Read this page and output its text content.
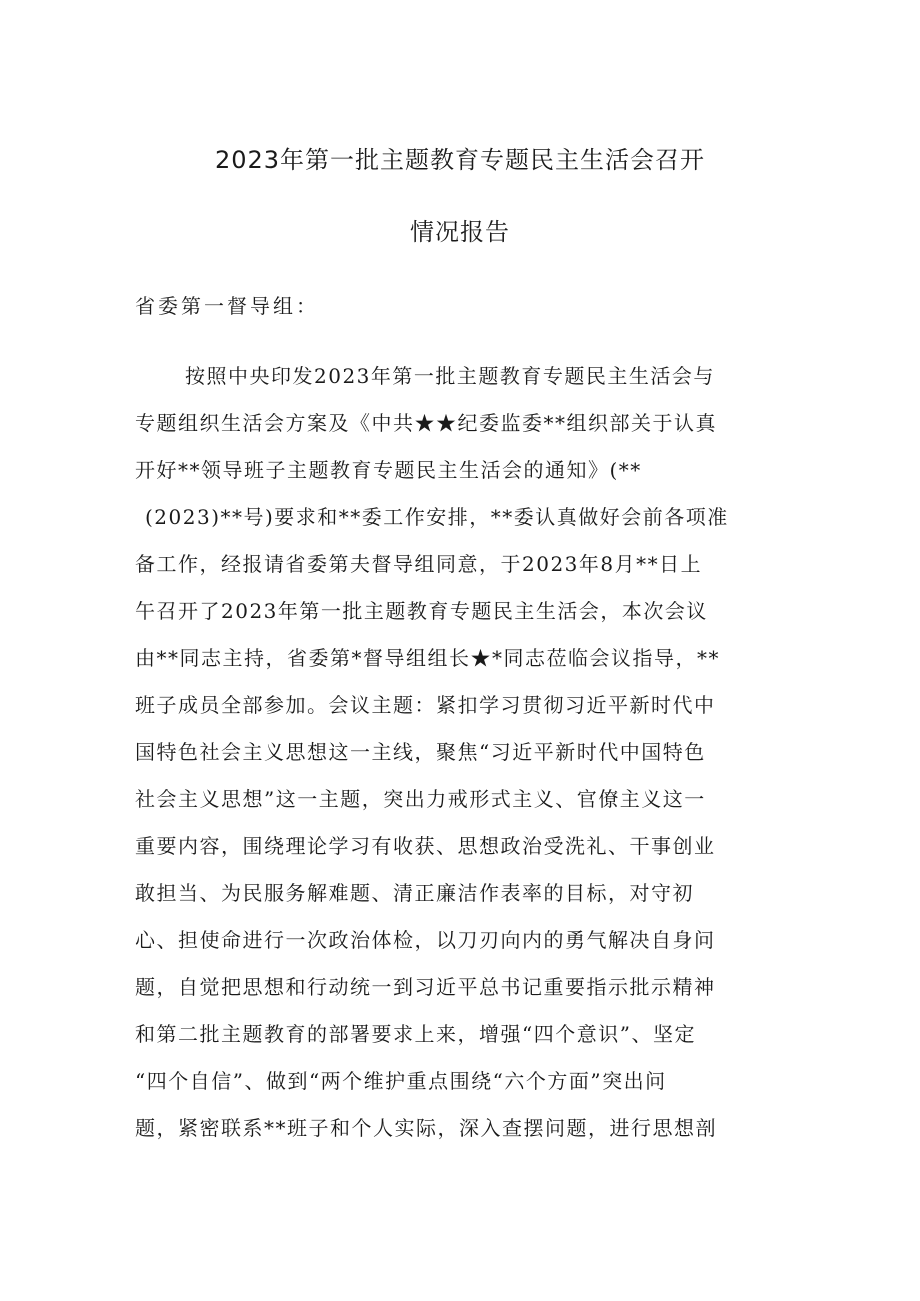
2023年第一批主题教育专题民主生活会召开
情况报告
省委第一督导组：
按照中央印发2023年第一批主题教育专题民主生活会与
专题组织生活会方案及《中共★★纪委监委**组织部关于认真
开好**领导班子主题教育专题民主生活会的通知》(**
(2023)**号)要求和**委工作安排，**委认真做好会前各项准
备工作，经报请省委第夫督导组同意，于2023年8月**日上
午召开了2023年第一批主题教育专题民主生活会，本次会议
由**同志主持，省委第*督导组组长★*同志莅临会议指导，**
班子成员全部参加。会议主题：紧扣学习贯彻习近平新时代中
国特色社会主义思想这一主线，聚焦“习近平新时代中国特色
社会主义思想”这一主题，突出力戒形式主义、官僚主义这一
重要内容，围绕理论学习有收获、思想政治受洗礼、干事创业
敢担当、为民服务解难题、清正廉洁作表率的目标，对守初
心、担使命进行一次政治体检，以刀刃向内的勇气解决自身问
题，自觉把思想和行动统一到习近平总书记重要指示批示精神
和第二批主题教育的部署要求上来，增强“四个意识”、坚定
“四个自信”、做到“两个维护重点围绕“六个方面”突出问
题，紧密联系**班子和个人实际，深入查摆问题，进行思想剖
